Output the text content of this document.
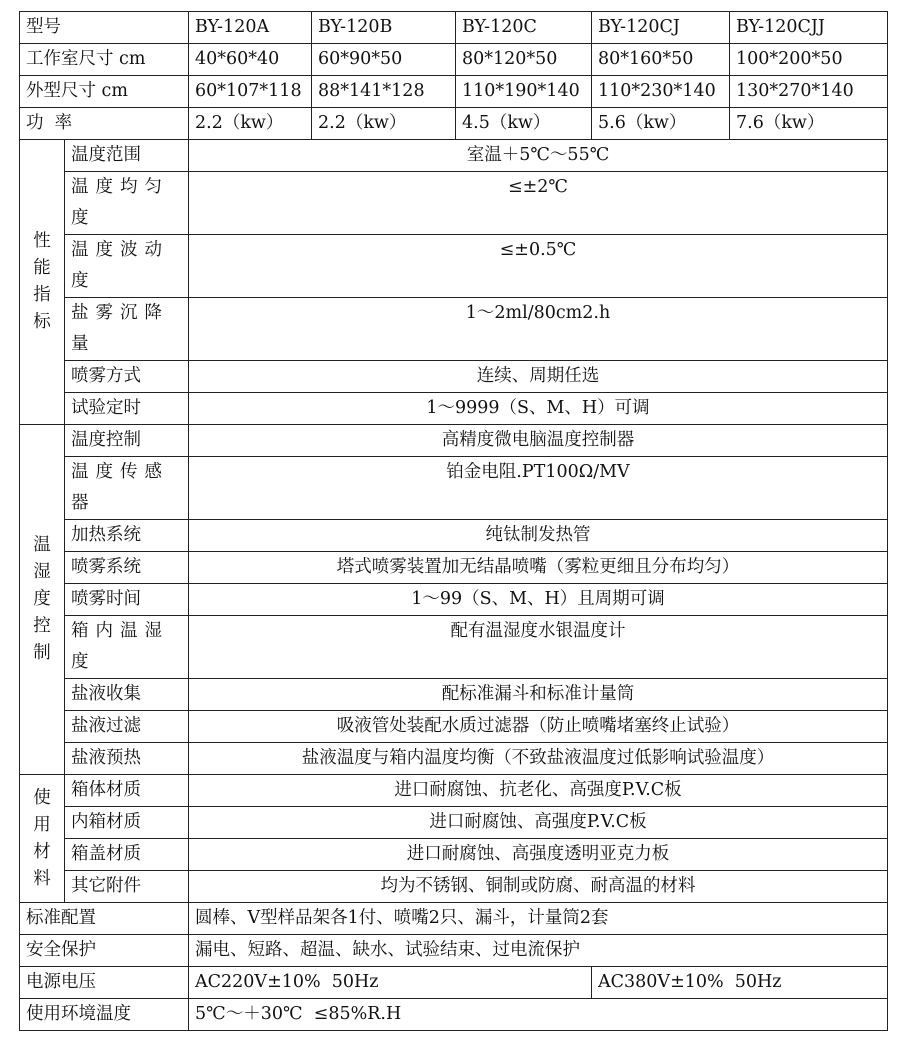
型号		BY-120A	BY-120B	BY-120C	BY-120CJ	BY-120CJJ
工作室尺寸 cm		40*60*40	60*90*50	80*120*50	80*160*50	100*200*50
外型尺寸 cm		60*107*118	88*141*128	110*190*140	110*230*140	130*270*140
功  率		2.2（kw）	2.2（kw）	4.5（kw）	5.6（kw）	7.6（kw）

性能指标	温度范围	室温＋5℃～55℃				
	温度均匀度	≤±2℃				
	温度波动度	≤±0.5℃				
	盐雾沉降量	1～2ml/80cm2.h				
	喷雾方式	连续、周期任选				
	试验定时	1～9999（S、M、H）可调				

温湿度控制	温度控制	高精度微电脑温度控制器				
	温度传感器	铂金电阻.PT100Ω/MV				
	加热系统	纯钛制发热管				
	喷雾系统	塔式喷雾装置加无结晶喷嘴（雾粒更细且分布均匀）				
	喷雾时间	1～99（S、M、H）且周期可调				
	箱内温湿度	配有温湿度水银温度计				
	盐液收集	配标准漏斗和标准计量筒				
	盐液过滤	吸液管处装配水质过滤器（防止喷嘴堵塞终止试验）				
	盐液预热	盐液温度与箱内温度均衡（不致盐液温度过低影响试验温度）				

使用材料	箱体材质	进口耐腐蚀、抗老化、高强度P.V.C板				
	内箱材质	进口耐腐蚀、高强度P.V.C板				
	箱盖材质	进口耐腐蚀、高强度透明亚克力板				
	其它附件	均为不锈钢、铜制或防腐、耐高温的材料				
标准配置		圆棒、V型样品架各1付、喷嘴2只、漏斗，计量筒2套				
安全保护		漏电、短路、超温、缺水、试验结束、过电流保护				
电源电压		AC220V±10%  50Hz			AC380V±10%  50Hz	
使用环境温度		5℃～＋30℃  ≤85%R.H				
